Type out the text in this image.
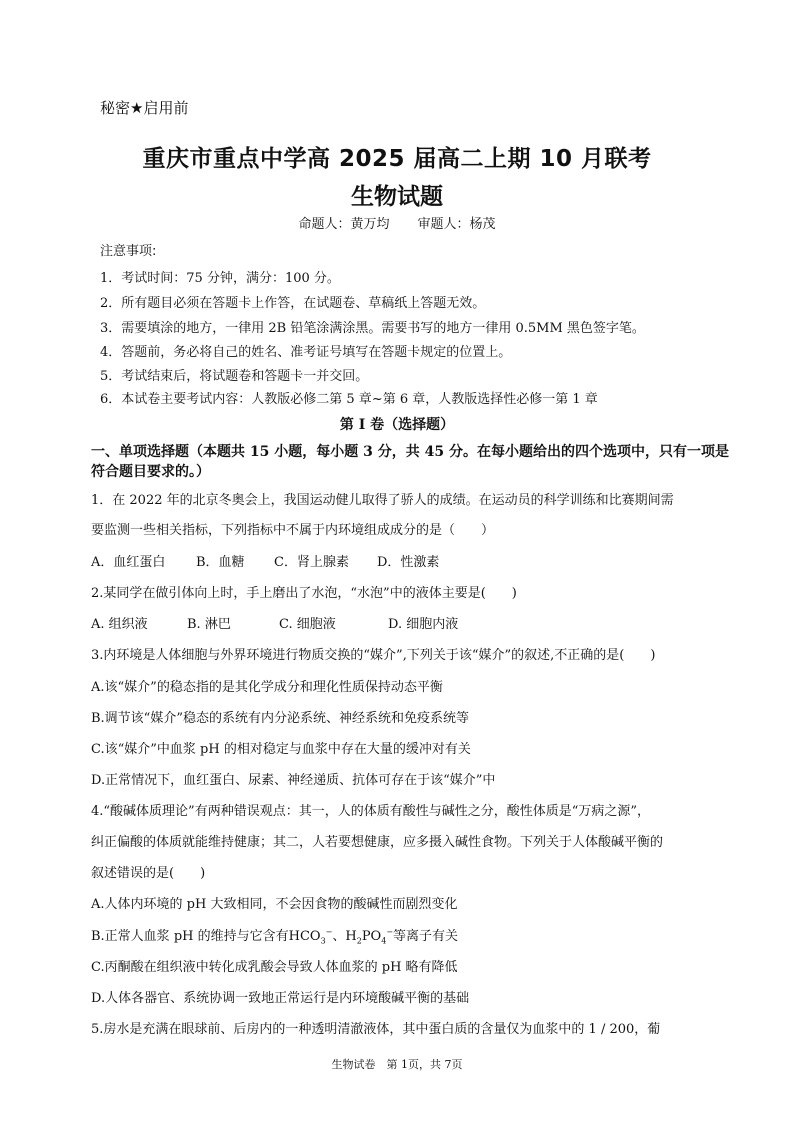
秘密★启用前
重庆市重点中学高 2025 届高二上期 10 月联考
生物试题
命题人：黄万均 审题人：杨茂
注意事项:
1．考试时间：75 分钟，满分：100 分。
2．所有题目必须在答题卡上作答，在试题卷、草稿纸上答题无效。
3．需要填涂的地方，一律用 2B 铅笔涂满涂黑。需要书写的地方一律用 0.5MM 黑色签字笔。
4．答题前，务必将自己的姓名、准考证号填写在答题卡规定的位置上。
5．考试结束后，将试题卷和答题卡一并交回。
6．本试卷主要考试内容：人教版必修二第 5 章~第 6 章，人教版选择性必修一第 1 章
第 I 卷（选择题）
一、单项选择题（本题共 15 小题，每小题 3 分，共 45 分。在每小题给出的四个选项中，只有一项是
符合题目要求的。）
1．在 2022 年的北京冬奥会上，我国运动健儿取得了骄人的成绩。在运动员的科学训练和比赛期间需
要监测一些相关指标，下列指标中不属于内环境组成成分的是（　　）
A．血红蛋白 B．血糖 C．肾上腺素 D．性激素
2.某同学在做引体向上时，手上磨出了水泡，“水泡”中的液体主要是(　　)
A. 组织液	B. 淋巴	C. 细胞液	D. 细胞内液
3.内环境是人体细胞与外界环境进行物质交换的“媒介”,下列关于该“媒介”的叙述,不正确的是(　　)
A.该“媒介”的稳态指的是其化学成分和理化性质保持动态平衡
B.调节该“媒介”稳态的系统有内分泌系统、神经系统和免疫系统等
C.该“媒介”中血浆 pH 的相对稳定与血浆中存在大量的缓冲对有关
D.正常情况下，血红蛋白、尿素、神经递质、抗体可存在于该“媒介”中
4.“酸碱体质理论”有两种错误观点：其一，人的体质有酸性与碱性之分，酸性体质是“万病之源”，
纠正偏酸的体质就能维持健康；其二，人若要想健康，应多摄入碱性食物。下列关于人体酸碱平衡的
叙述错误的是(　　)
A.人体内环境的 pH 大致相同，不会因食物的酸碱性而剧烈变化
B.正常人血浆 pH 的维持与它含有$HCO_3^-$、$H_2PO_4^-$等离子有关
C.丙酮酸在组织液中转化成乳酸会导致人体血浆的 pH 略有降低
D.人体各器官、系统协调一致地正常运行是内环境酸碱平衡的基础
5.房水是充满在眼球前、后房内的一种透明清澈液体，其中蛋白质的含量仅为血浆中的 1 / 200，葡
生物试卷　第 1页，共 7页
